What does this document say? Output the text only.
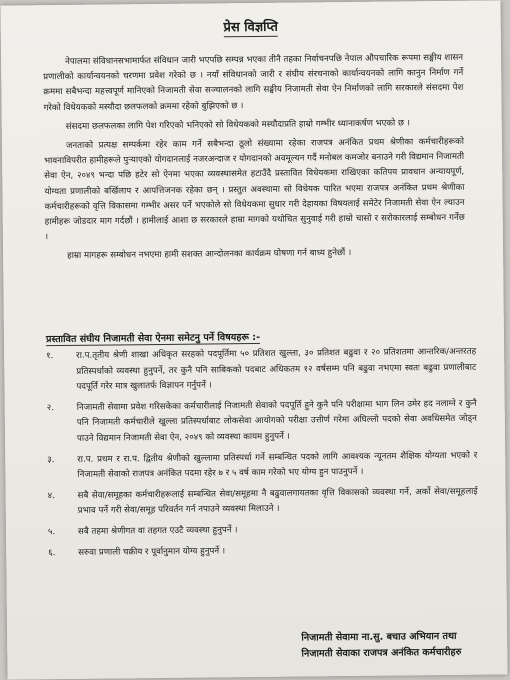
प्रेस विज्ञप्ति

नेपालमा संविधानसभामार्फत संविधान जारी भएपछि सम्पन्न भएका तीनै तहका निर्वाचनपछि नेपाल औपचारिक रूपमा सङ्घीय शासन प्रणालीको कार्यान्वयनको चरणमा प्रवेश गरेको छ । नयाँ संविधानको जारी र संघीय संरचनाको कार्यान्वयनको लागि कानुन निर्माण गर्ने क्रममा सबैभन्दा महत्त्वपूर्ण मानिएको निजामती सेवा सञ्चालनको लागि सङ्घीय निजामती सेवा ऐन निर्माणको लागि सरकारले संसदमा पेश गरेको विधेयकको मस्यौदा छलफलको क्रममा रहेको बुझिएको छ ।

संसदमा छलफलका लागि पेश गरिएको भनिएको सो विधेयकको मस्यौदाप्रति हाम्रो गम्भीर ध्यानाकर्षण भएको छ ।

जनताको प्रत्यक्ष सम्पर्कमा रहेर काम गर्ने सबैभन्दा ठूलो संख्यामा रहेका राजपत्र अनंकित प्रथम श्रेणीका कर्मचारीहरूको भावनाविपरीत हामीहरूले पुऱ्याएको योगदानलाई नजरअन्दाज र योगदानको अवमूल्यन गर्दै मनोबल कमजोर बनाउने गरी विद्यमान निजामती सेवा ऐन, २०४९ भन्दा पछि हटेर सो ऐनमा भएका व्यवस्थासमेत हटाउँदै प्रस्तावित विधेयकमा राखिएका कतिपय प्रावधान अन्यायपूर्ण, योग्यता प्रणालीको बर्खिलाप र आपत्तिजनक रहेका छन् । प्रस्तुत अवस्थामा सो विधेयक पारित भएमा राजपत्र अनंकित प्रथम श्रेणीका कर्मचारीहरूको वृत्ति विकासमा गम्भीर असर पर्ने भएकोले सो विधेयकमा सुधार गरी देहायका विषयलाई समेटेर निजामती सेवा ऐन ल्याउन हामीहरू जोडदार माग गर्दछौं । हामीलाई आशा छ सरकारले हाम्रा मागको यथोचित सुनुवाई गरी हाम्रो चासो र सरोकारलाई सम्बोधन गर्नेछ ।

हाम्रा मागहरू सम्बोधन नभएमा हामी सशक्त आन्दोलनका कार्यक्रम घोषणा गर्न बाध्य हुनेछौं ।

प्रस्तावित संघीय निजामती सेवा ऐनमा समेटनु पर्ने विषयहरू :-
१.	रा.प.तृतीय श्रेणी शाखा अधिकृत सरहको पदपूर्तिमा ५० प्रतिशत खुल्ला, ३० प्रतिशत बढुवा र २० प्रतिशतमा आन्तरिक/अन्तरतह प्रतिस्पर्धाको व्यवस्था हुनुपर्ने, तर कुनै पनि साबिकको पदबाट अधिकतम १२ वर्षसम्म पनि बढुवा नभएमा स्वतः बढुवा प्रणालीबाट पदपूर्ति गरेर मात्र खुलातर्फ विज्ञापन गर्नुपर्ने ।
२.	निजामती सेवामा प्रवेश गरिसकेका कर्मचारीलाई निजामती सेवाको पदपूर्ति हुने कुनै पनि परीक्षामा भाग लिन उमेर हद नलाग्ने र कुनै पनि निजामती कर्मचारीले खुल्ला प्रतिस्पर्धाबाट लोकसेवा आयोगको परीक्षा उत्तीर्ण गरेमा अघिल्लो पदको सेवा अवधिसमेत जोड्न पाउने विद्यमान निजामती सेवा ऐन, २०४९ को व्यवस्था कायम हुनुपर्ने ।
३.	रा.प. प्रथम र रा.प. द्वितीय श्रेणीको खुल्लामा प्रतिस्पर्धा गर्ने सम्बन्धित पदको लागि आवश्यक न्यूनतम शैक्षिक योग्यता भएको र निजामती सेवाको राजपत्र अनंकित पदमा रहेर ७ र ५ वर्ष काम गरेको भए योग्य हुन पाउनुपर्ने ।
४.	सबै सेवा/समूहका कर्मचारीहरूलाई सम्बन्धित सेवा/समूहमा नै बढुवालगायतका वृत्ति विकासको व्यवस्था गर्ने, अर्को सेवा/समूहलाई प्रभाव पर्ने गरी सेवा/समूह परिवर्तन गर्न नपाउने व्यवस्था मिलाउने ।
५.	सबै तहमा श्रेणीगत वा तहगत एउटै व्यवस्था हुनुपर्ने ।
६.	सरुवा प्रणाली चक्रीय र पूर्वानुमान योग्य हुनुपर्ने ।
निजामती सेवामा ना.सु. बचाउ अभियान तथा
निजामती सेवाका राजपत्र अनंकित कर्मचारीहरु
